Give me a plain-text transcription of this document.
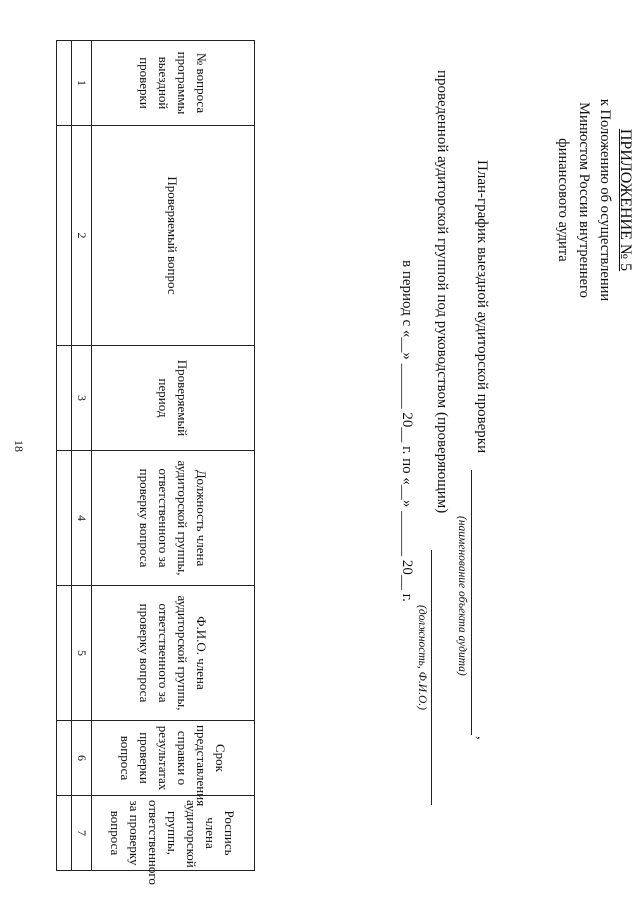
18
ПРИЛОЖЕНИЕ № 5
к Положению об осуществлении
Минюстом России внутреннего
финансового аудита
План-график выездной аудиторской проверки
,
(наименование объекта аудита)
проведенной аудиторской группой под руководством (проверяющим)
(должность, Ф.И.О.)
в период с «__» ______ 20__ г. по «__» ______ 20__ г.
№ вопроса программы выездной проверки	Проверяемый вопрос	Проверяемый период	Должность члена аудиторской группы, ответственного за проверку вопроса	Ф.И.О. члена аудиторской группы, ответственного за проверку вопроса	Срок представления справки о результатах проверки вопроса	Роспись члена аудиторской группы, ответственного за проверку вопроса
1	2	3	4	5	6	7
